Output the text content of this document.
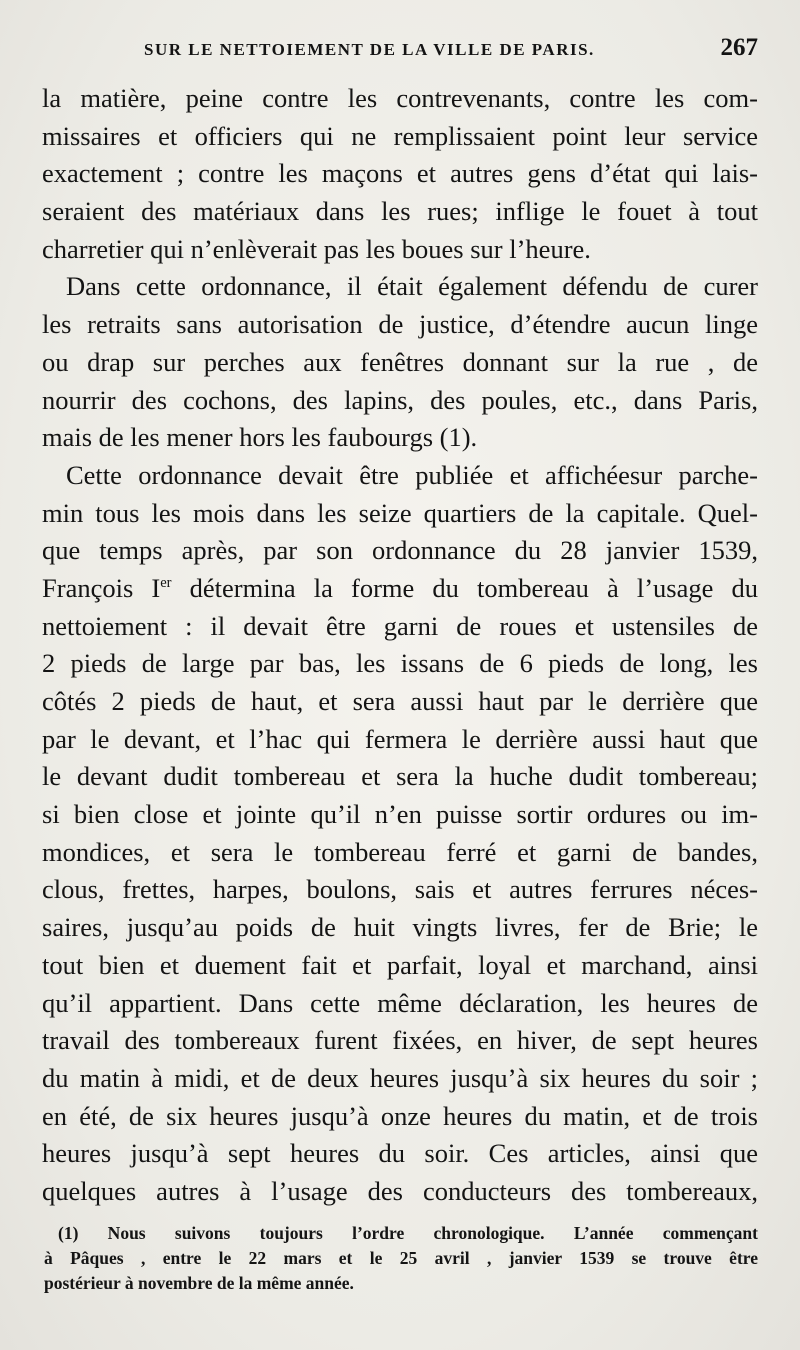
SUR LE NETTOIEMENT DE LA VILLE DE PARIS.	267
la matière, peine contre les contrevenants, contre les com-
missaires et officiers qui ne remplissaient point leur service
exactement ; contre les maçons et autres gens d’état qui lais-
seraient des matériaux dans les rues; inflige le fouet à tout
charretier qui n’enlèverait pas les boues sur l’heure.
Dans cette ordonnance, il était également défendu de curer
les retraits sans autorisation de justice, d’étendre aucun linge
ou drap sur perches aux fenêtres donnant sur la rue , de
nourrir des cochons, des lapins, des poules, etc., dans Paris,
mais de les mener hors les faubourgs (1).
Cette ordonnance devait être publiée et affichéesur parche-
min tous les mois dans les seize quartiers de la capitale. Quel-
que temps après, par son ordonnance du 28 janvier 1539,
François Ier détermina la forme du tombereau à l’usage du
nettoiement : il devait être garni de roues et ustensiles de
2 pieds de large par bas, les issans de 6 pieds de long, les
côtés 2 pieds de haut, et sera aussi haut par le derrière que
par le devant, et l’hac qui fermera le derrière aussi haut que
le devant dudit tombereau et sera la huche dudit tombereau;
si bien close et jointe qu’il n’en puisse sortir ordures ou im-
mondices, et sera le tombereau ferré et garni de bandes,
clous, frettes, harpes, boulons, sais et autres ferrures néces-
saires, jusqu’au poids de huit vingts livres, fer de Brie; le
tout bien et duement fait et parfait, loyal et marchand, ainsi
qu’il appartient. Dans cette même déclaration, les heures de
travail des tombereaux furent fixées, en hiver, de sept heures
du matin à midi, et de deux heures jusqu’à six heures du soir ;
en été, de six heures jusqu’à onze heures du matin, et de trois
heures jusqu’à sept heures du soir. Ces articles, ainsi que
quelques autres à l’usage des conducteurs des tombereaux,
(1) Nous suivons toujours l’ordre chronologique. L’année commençant
à Pâques , entre le 22 mars et le 25 avril , janvier 1539 se trouve être
postérieur à novembre de la même année.
